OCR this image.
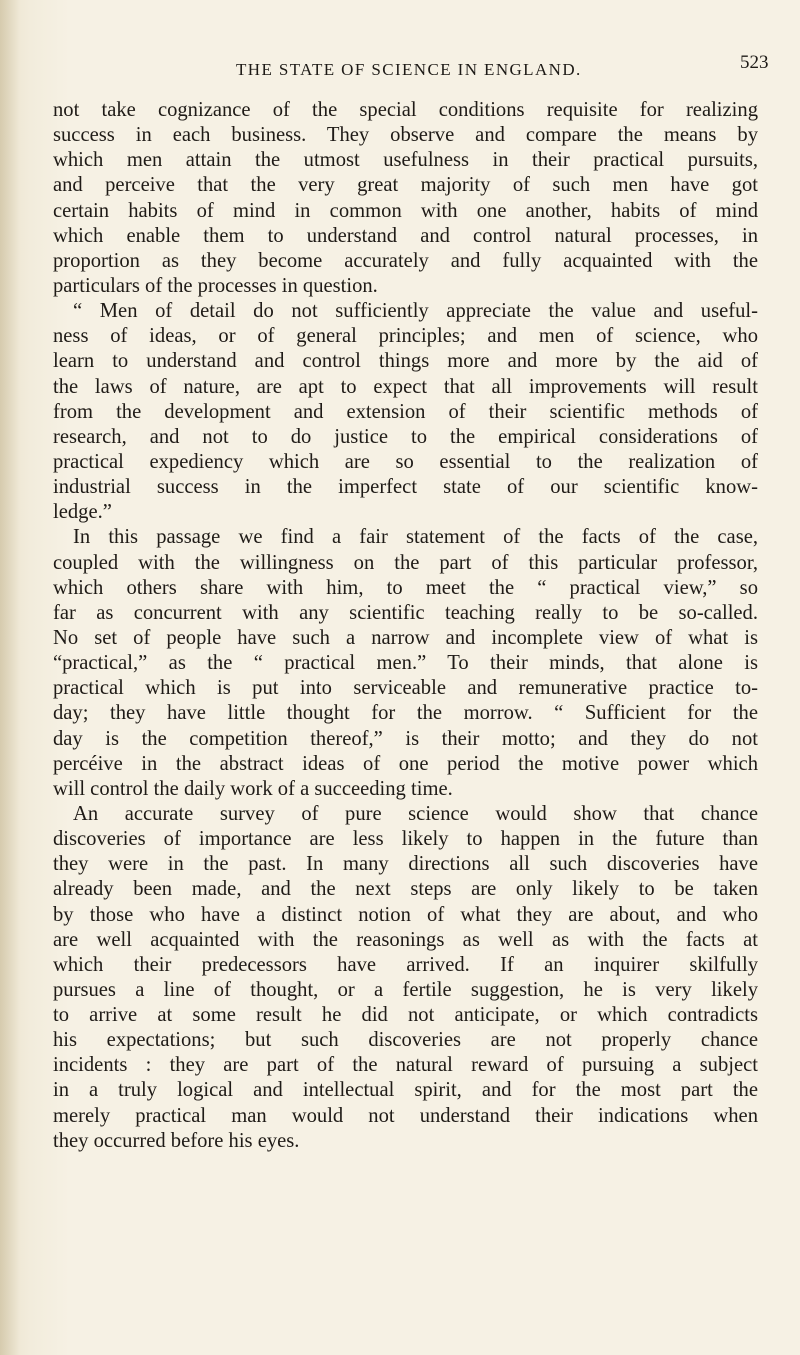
THE STATE OF SCIENCE IN ENGLAND.	523
not take cognizance of the special conditions requisite for realizing
success in each business. They observe and compare the means by
which men attain the utmost usefulness in their practical pursuits,
and perceive that the very great majority of such men have got
certain habits of mind in common with one another, habits of mind
which enable them to understand and control natural processes, in
proportion as they become accurately and fully acquainted with the
particulars of the processes in question.
“ Men of detail do not sufficiently appreciate the value and useful-
ness of ideas, or of general principles; and men of science, who
learn to understand and control things more and more by the aid of
the laws of nature, are apt to expect that all improvements will result
from the development and extension of their scientific methods of
research, and not to do justice to the empirical considerations of
practical expediency which are so essential to the realization of
industrial success in the imperfect state of our scientific know-
ledge.”
In this passage we find a fair statement of the facts of the case,
coupled with the willingness on the part of this particular professor,
which others share with him, to meet the “ practical view,” so
far as concurrent with any scientific teaching really to be so-called.
No set of people have such a narrow and incomplete view of what is
“practical,” as the “ practical men.” To their minds, that alone is
practical which is put into serviceable and remunerative practice to-
day; they have little thought for the morrow. “ Sufficient for the
day is the competition thereof,” is their motto; and they do not
percéive in the abstract ideas of one period the motive power which
will control the daily work of a succeeding time.
An accurate survey of pure science would show that chance
discoveries of importance are less likely to happen in the future than
they were in the past. In many directions all such discoveries have
already been made, and the next steps are only likely to be taken
by those who have a distinct notion of what they are about, and who
are well acquainted with the reasonings as well as with the facts at
which their predecessors have arrived. If an inquirer skilfully
pursues a line of thought, or a fertile suggestion, he is very likely
to arrive at some result he did not anticipate, or which contradicts
his expectations; but such discoveries are not properly chance
incidents : they are part of the natural reward of pursuing a subject
in a truly logical and intellectual spirit, and for the most part the
merely practical man would not understand their indications when
they occurred before his eyes.
